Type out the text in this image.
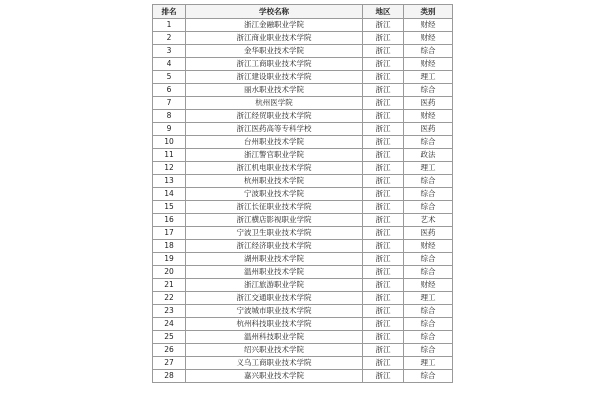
排名	学校名称	地区	类别
1	浙江金融职业学院	浙江	财经
2	浙江商业职业技术学院	浙江	财经
3	金华职业技术学院	浙江	综合
4	浙江工商职业技术学院	浙江	财经
5	浙江建设职业技术学院	浙江	理工
6	丽水职业技术学院	浙江	综合
7	杭州医学院	浙江	医药
8	浙江经贸职业技术学院	浙江	财经
9	浙江医药高等专科学校	浙江	医药
10	台州职业技术学院	浙江	综合
11	浙江警官职业学院	浙江	政法
12	浙江机电职业技术学院	浙江	理工
13	杭州职业技术学院	浙江	综合
14	宁波职业技术学院	浙江	综合
15	浙江长征职业技术学院	浙江	综合
16	浙江横店影视职业学院	浙江	艺术
17	宁波卫生职业技术学院	浙江	医药
18	浙江经济职业技术学院	浙江	财经
19	湖州职业技术学院	浙江	综合
20	温州职业技术学院	浙江	综合
21	浙江旅游职业学院	浙江	财经
22	浙江交通职业技术学院	浙江	理工
23	宁波城市职业技术学院	浙江	综合
24	杭州科技职业技术学院	浙江	综合
25	温州科技职业学院	浙江	综合
26	绍兴职业技术学院	浙江	综合
27	义乌工商职业技术学院	浙江	理工
28	嘉兴职业技术学院	浙江	综合
